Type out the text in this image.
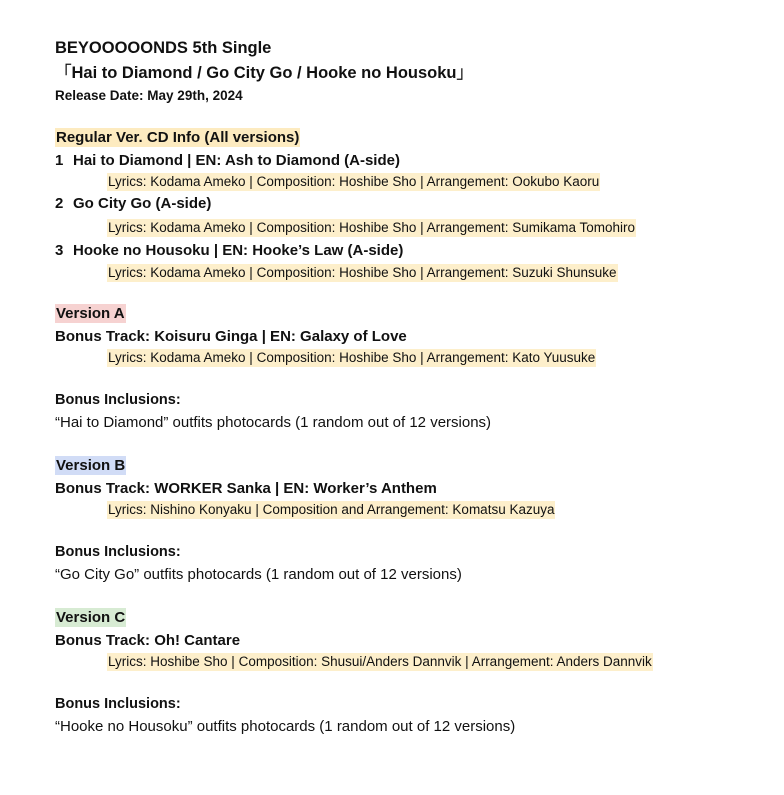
BEYOOOOONDS 5th Single
「Hai to Diamond / Go City Go / Hooke no Housoku」
Release Date: May 29th, 2024
Regular Ver. CD Info (All versions)
1 Hai to Diamond | EN: Ash to Diamond (A-side)
Lyrics: Kodama Ameko | Composition: Hoshibe Sho | Arrangement: Ookubo Kaoru
2 Go City Go (A-side)
Lyrics: Kodama Ameko | Composition: Hoshibe Sho | Arrangement: Sumikama Tomohiro
3 Hooke no Housoku | EN: Hooke’s Law (A-side)
Lyrics: Kodama Ameko | Composition: Hoshibe Sho | Arrangement: Suzuki Shunsuke
Version A
Bonus Track: Koisuru Ginga | EN: Galaxy of Love
Lyrics: Kodama Ameko | Composition: Hoshibe Sho | Arrangement: Kato Yuusuke
Bonus Inclusions:
“Hai to Diamond” outfits photocards (1 random out of 12 versions)
Version B
Bonus Track: WORKER Sanka | EN: Worker’s Anthem
Lyrics: Nishino Konyaku | Composition and Arrangement: Komatsu Kazuya
Bonus Inclusions:
“Go City Go” outfits photocards (1 random out of 12 versions)
Version C
Bonus Track: Oh! Cantare
Lyrics: Hoshibe Sho | Composition: Shusui/Anders Dannvik | Arrangement: Anders Dannvik
Bonus Inclusions:
“Hooke no Housoku” outfits photocards (1 random out of 12 versions)
